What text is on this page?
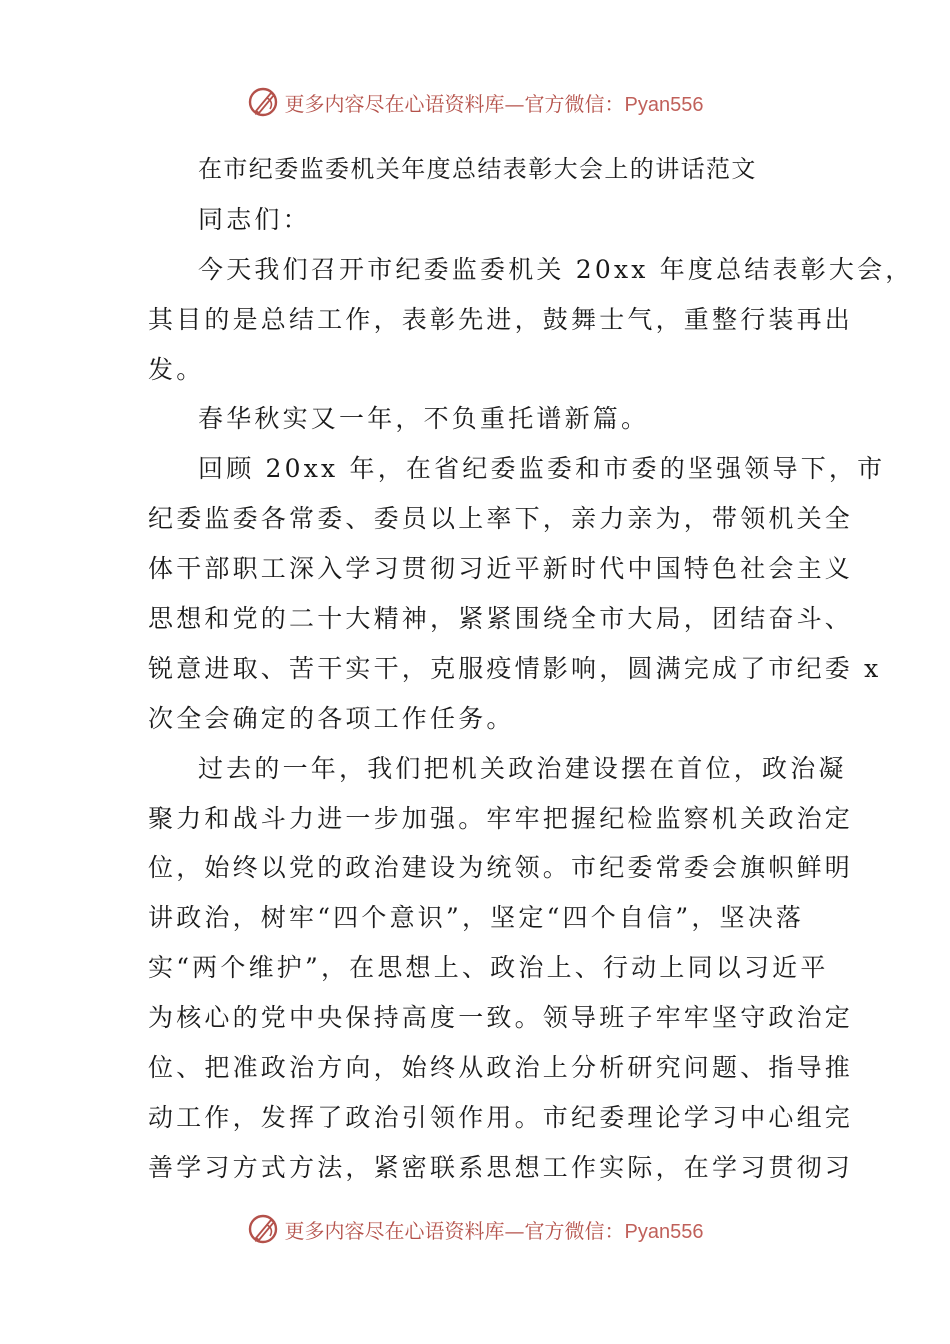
更多内容尽在心语资料库—官方微信：Pyan556
在市纪委监委机关年度总结表彰大会上的讲话范文
同志们：
今天我们召开市纪委监委机关 20xx 年度总结表彰大会，
其目的是总结工作，表彰先进，鼓舞士气，重整行装再出
发。
春华秋实又一年，不负重托谱新篇。
回顾 20xx 年，在省纪委监委和市委的坚强领导下，市
纪委监委各常委、委员以上率下，亲力亲为，带领机关全
体干部职工深入学习贯彻习近平新时代中国特色社会主义
思想和党的二十大精神，紧紧围绕全市大局，团结奋斗、
锐意进取、苦干实干，克服疫情影响，圆满完成了市纪委 x
次全会确定的各项工作任务。
过去的一年，我们把机关政治建设摆在首位，政治凝
聚力和战斗力进一步加强。牢牢把握纪检监察机关政治定
位，始终以党的政治建设为统领。市纪委常委会旗帜鲜明
讲政治，树牢“四个意识”，坚定“四个自信”，坚决落
实“两个维护”，在思想上、政治上、行动上同以习近平
为核心的党中央保持高度一致。领导班子牢牢坚守政治定
位、把准政治方向，始终从政治上分析研究问题、指导推
动工作，发挥了政治引领作用。市纪委理论学习中心组完
善学习方式方法，紧密联系思想工作实际，在学习贯彻习
更多内容尽在心语资料库—官方微信：Pyan556
